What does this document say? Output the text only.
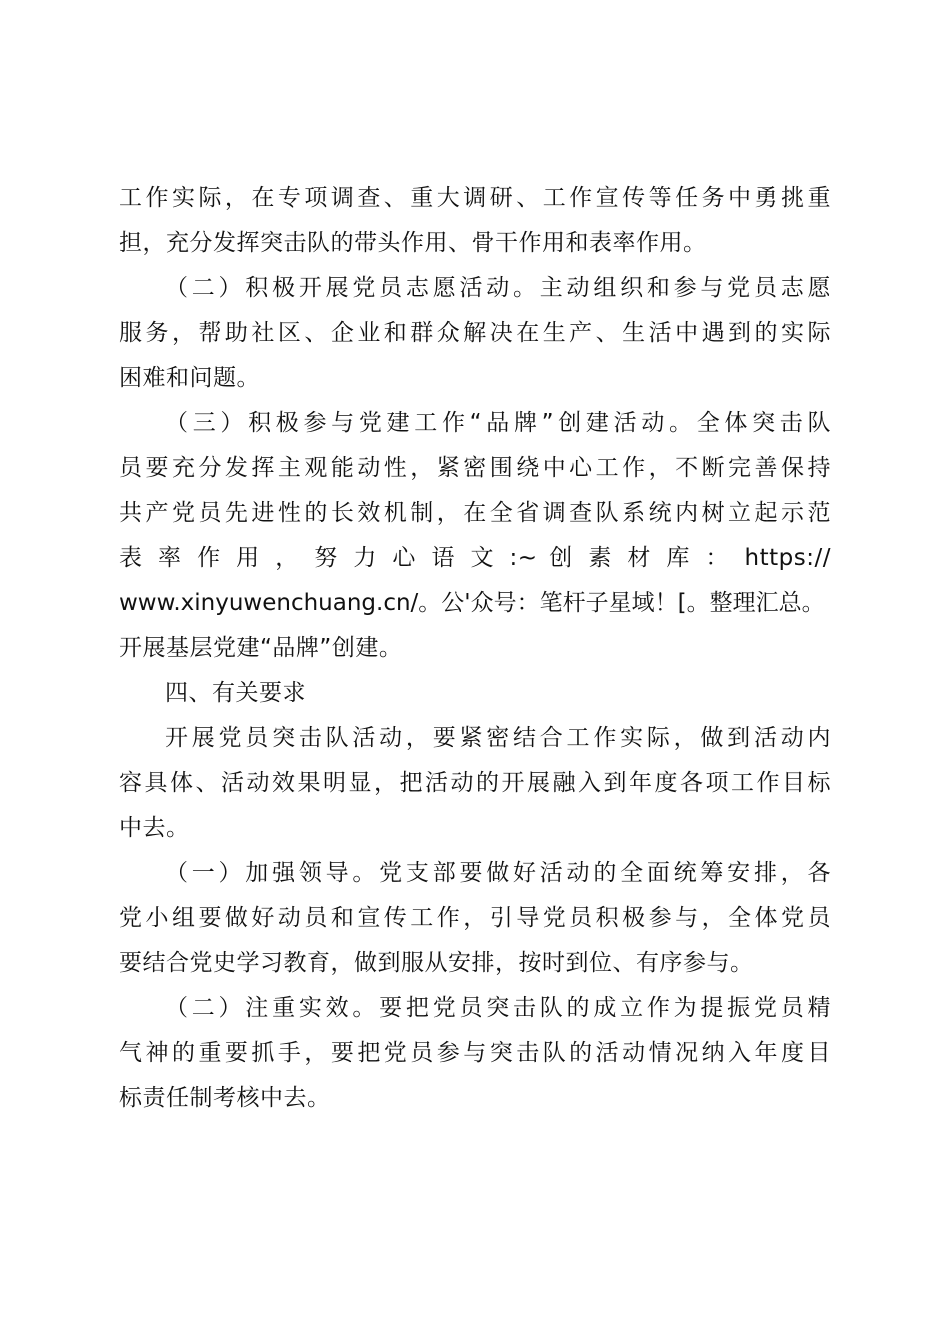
工作实际，在专项调查、重大调研、工作宣传等任务中勇挑重
担，充分发挥突击队的带头作用、骨干作用和表率作用。
（二）积极开展党员志愿活动。主动组织和参与党员志愿
服务，帮助社区、企业和群众解决在生产、生活中遇到的实际
困难和问题。
（三）积极参与党建工作“品牌”创建活动。全体突击队
员要充分发挥主观能动性，紧密围绕中心工作，不断完善保持
共产党员先进性的长效机制，在全省调查队系统内树立起示范
表 率 作 用 ， 努 力 心 语 文 :~ 创 素 材 库 ： https://
www.xinyuwenchuang.cn/。公'众号：笔杆子星域！[。整理汇总。
开展基层党建“品牌”创建。
四、有关要求
开展党员突击队活动，要紧密结合工作实际，做到活动内
容具体、活动效果明显，把活动的开展融入到年度各项工作目标
中去。
（一）加强领导。党支部要做好活动的全面统筹安排，各
党小组要做好动员和宣传工作，引导党员积极参与，全体党员
要结合党史学习教育，做到服从安排，按时到位、有序参与。
（二）注重实效。要把党员突击队的成立作为提振党员精
气神的重要抓手，要把党员参与突击队的活动情况纳入年度目
标责任制考核中去。
